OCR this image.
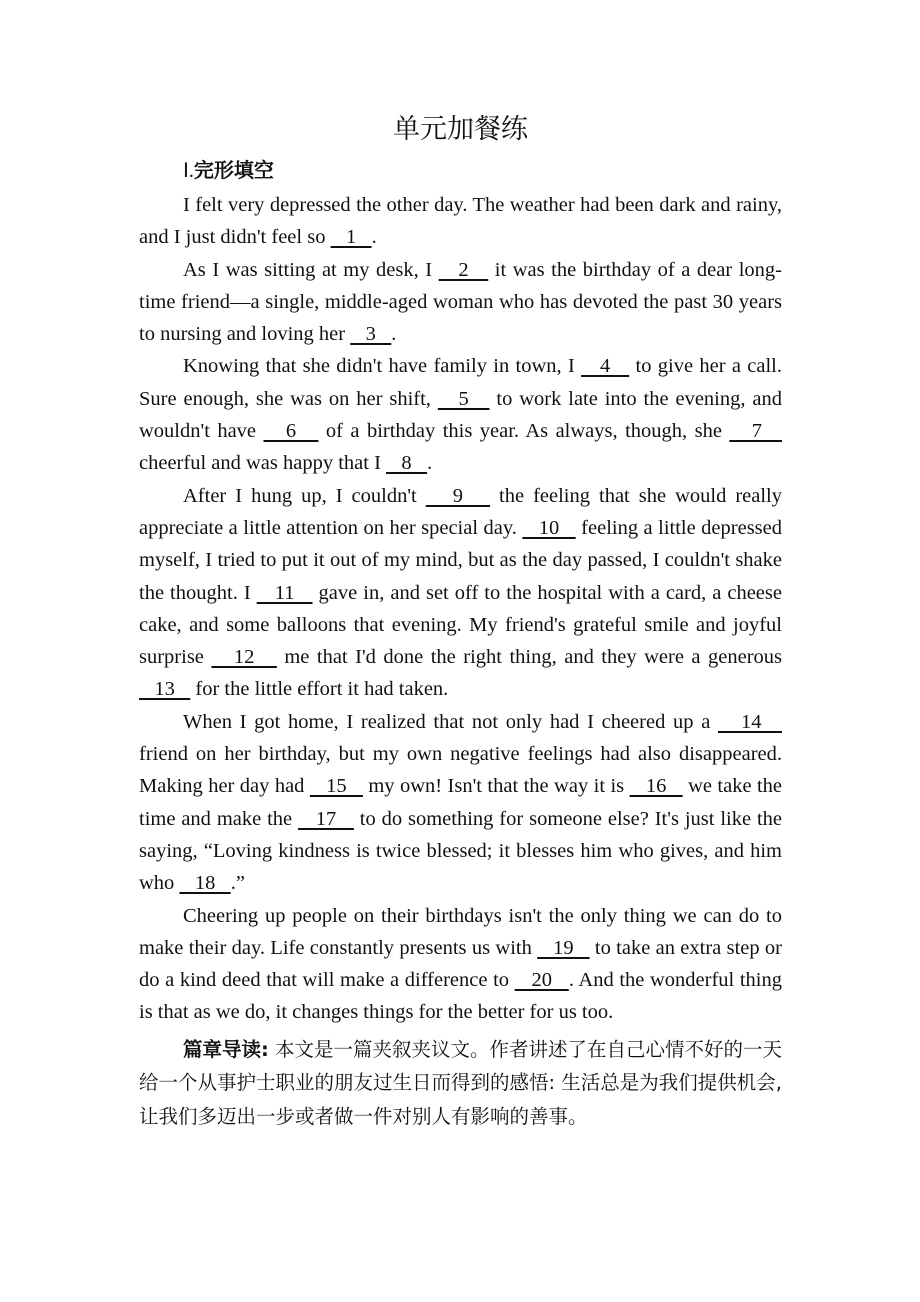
单元加餐练
Ⅰ.完形填空

I felt very depressed the other day. The weather had been dark and rainy, and I just didn't feel so    1   .

As I was sitting at my desk, I    2    it was the birthday of a dear long-time friend—a single, middle-aged woman who has devoted the past 30 years to nursing and loving her    3   .

Knowing that she didn't have family in town, I    4    to give her a call. Sure enough, she was on her shift,    5    to work late into the evening, and wouldn't have    6    of a birthday this year. As always, though, she    7    cheerful and was happy that I    8   .

After I hung up, I couldn't    9    the feeling that she would really appreciate a little attention on her special day.    10    feeling a little depressed myself, I tried to put it out of my mind, but as the day passed, I couldn't shake the thought. I    11    gave in, and set off to the hospital with a card, a cheese cake, and some balloons that evening. My friend's grateful smile and joyful surprise    12    me that I'd done the right thing, and they were a generous    13    for the little effort it had taken.

When I got home, I realized that not only had I cheered up a    14    friend on her birthday, but my own negative feelings had also disappeared. Making her day had    15    my own! Isn't that the way it is    16    we take the time and make the    17    to do something for someone else? It's just like the saying, “Loving kindness is twice blessed; it blesses him who gives, and him who    18   .”

Cheering up people on their birthdays isn't the only thing we can do to make their day. Life constantly presents us with    19    to take an extra step or do a kind deed that will make a difference to    20   . And the wonderful thing is that as we do, it changes things for the better for us too.

篇章导读: 本文是一篇夹叙夹议文。作者讲述了在自己心情不好的一天给一个从事护士职业的朋友过生日而得到的感悟: 生活总是为我们提供机会, 让我们多迈出一步或者做一件对别人有影响的善事。
